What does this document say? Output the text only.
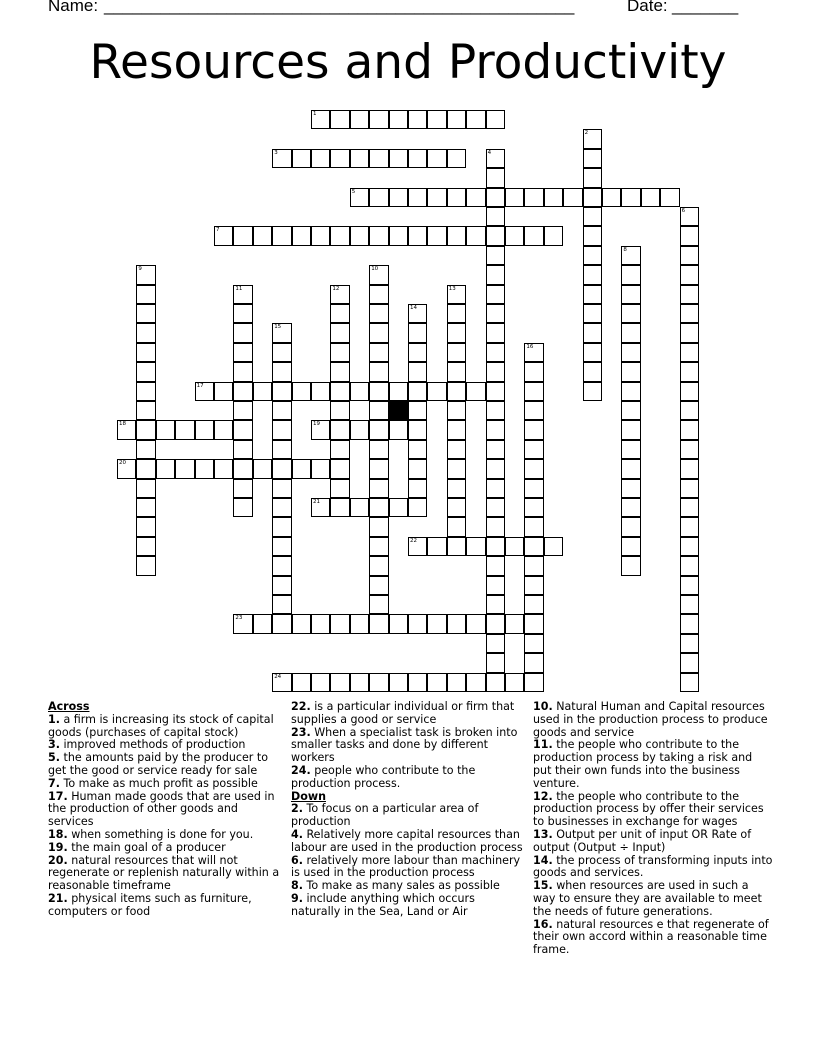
Name: __________________________________________________	Date: _______
Resources and Productivity
1
2
3	4
5
6
7
8
9	10
11	12	13
14
15
16
17
18	19
20
21
22
23
24
Across
1. a firm is increasing its stock of capital goods (purchases of capital stock)
3. improved methods of production
5. the amounts paid by the producer to get the good or service ready for sale
7. To make as much profit as possible
17. Human made goods that are used in the production of other goods and services
18. when something is done for you.
19. the main goal of a producer
20. natural resources that will not regenerate or replenish naturally within a reasonable timeframe
21. physical items such as furniture, computers or food
22. is a particular individual or firm that supplies a good or service
23. When a specialist task is broken into smaller tasks and done by different workers
24. people who contribute to the production process.
Down
2. To focus on a particular area of production
4. Relatively more capital resources than labour are used in the production process
6. relatively more labour than machinery is used in the production process
8. To make as many sales as possible
9. include anything which occurs naturally in the Sea, Land or Air
10. Natural Human and Capital resources used in the production process to produce goods and service
11. the people who contribute to the production process by taking a risk and put their own funds into the business venture.
12. the people who contribute to the production process by offer their services to businesses in exchange for wages
13. Output per unit of input OR Rate of output (Output ÷ Input)
14. the process of transforming inputs into goods and services.
15. when resources are used in such a way to ensure they are available to meet the needs of future generations.
16. natural resources e that regenerate of their own accord within a reasonable time frame.
